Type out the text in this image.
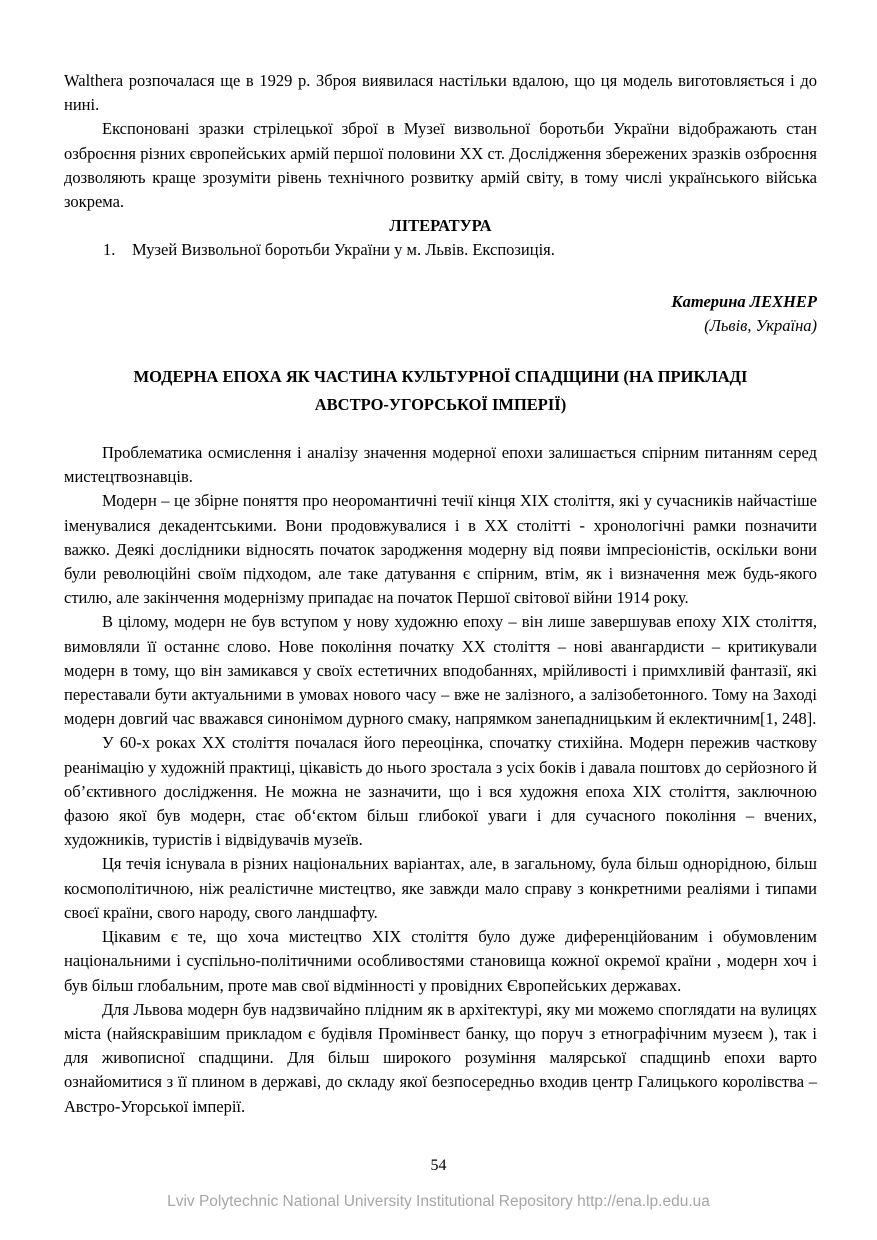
Walthera розпочалася ще в 1929 р. Зброя виявилася настільки вдалою, що ця модель виготовляється і до нині.

Експоновані зразки стрілецької зброї в Музеї визвольної боротьби України відображають стан озброєння різних європейських армій першої половини ХХ ст. Дослідження збережених зразків озброєння дозволяють краще зрозуміти рівень технічного розвитку армій світу, в тому числі українського війська зокрема.

ЛІТЕРАТУРА
1.	Музей Визвольної боротьби України у м. Львів. Експозиція.
Катерина ЛЕХНЕР
(Львів, Україна)
МОДЕРНА ЕПОХА ЯК ЧАСТИНА КУЛЬТУРНОЇ СПАДЩИНИ (НА ПРИКЛАДІ АВСТРО-УГОРСЬКОЇ ІМПЕРІЇ)

Проблематика осмислення і аналізу значення модерної епохи залишається спірним питанням серед мистецтвознавців.

Модерн – це збірне поняття про неоромантичні течії кінця ХІХ століття, які у сучасників найчастіше іменувалися декадентськими. Вони продовжувалися і в ХХ столітті - хронологічні рамки позначити важко. Деякі дослідники відносять початок зародження модерну від появи імпресіоністів, оскільки вони були революційні своїм підходом, але таке датування є спірним, втім, як і визначення меж будь-якого стилю, але закінчення модернізму припадає на початок Першої світової війни 1914 року.

В цілому, модерн не був вступом у нову художню епоху – він лише завершував епоху ХІХ століття, вимовляли її останнє слово. Нове покоління початку ХХ століття – нові авангардисти – критикували модерн в тому, що він замикався у своїх естетичних вподобаннях, мрійливості і примхливій фантазії, які переставали бути актуальними в умовах нового часу – вже не залізного, а залізобетонного. Тому на Заході модерн довгий час вважався синонімом дурного смаку, напрямком занепадницьким й еклектичним[1, 248].

У 60-х роках ХХ століття почалася його переоцінка, спочатку стихійна. Модерн пережив часткову реанімацію у художній практиці, цікавість до нього зростала з усіх боків і давала поштовх до серйозного й об’єктивного дослідження. Не можна не зазначити, що і вся художня епоха ХІХ століття, заключною фазою якої був модерн, стає об‘єктом більш глибокої уваги і для сучасного покоління – вчених, художників, туристів і відвідувачів музеїв.

Ця течія існувала в різних національних варіантах, але, в загальному, була більш однорідною, більш космополітичною, ніж реалістичне мистецтво, яке завжди мало справу з конкретними реаліями і типами своєї країни, свого народу, свого ландшафту.

Цікавим є те, що хоча мистецтво ХІХ століття було дуже диференційованим і обумовленим національними і суспільно-політичними особливостями становища кожної окремої країни , модерн хоч і був більш глобальним, проте мав свої відмінності у провідних Європейських державах.

Для Львова модерн був надзвичайно плідним як в архітектурі, яку ми можемо споглядати на вулицях міста (найяскравішим прикладом є будівля Промінвест банку, що поруч з етнографічним музеєм ), так і для живописної спадщини. Для більш широкого розуміння малярської спадщинb епохи варто ознайомитися з її плином в державі, до складу якої безпосередньо входив центр Галицького королівства – Австро-Угорської імперії.

54
Lviv Polytechnic National University Institutional Repository http://ena.lp.edu.ua
